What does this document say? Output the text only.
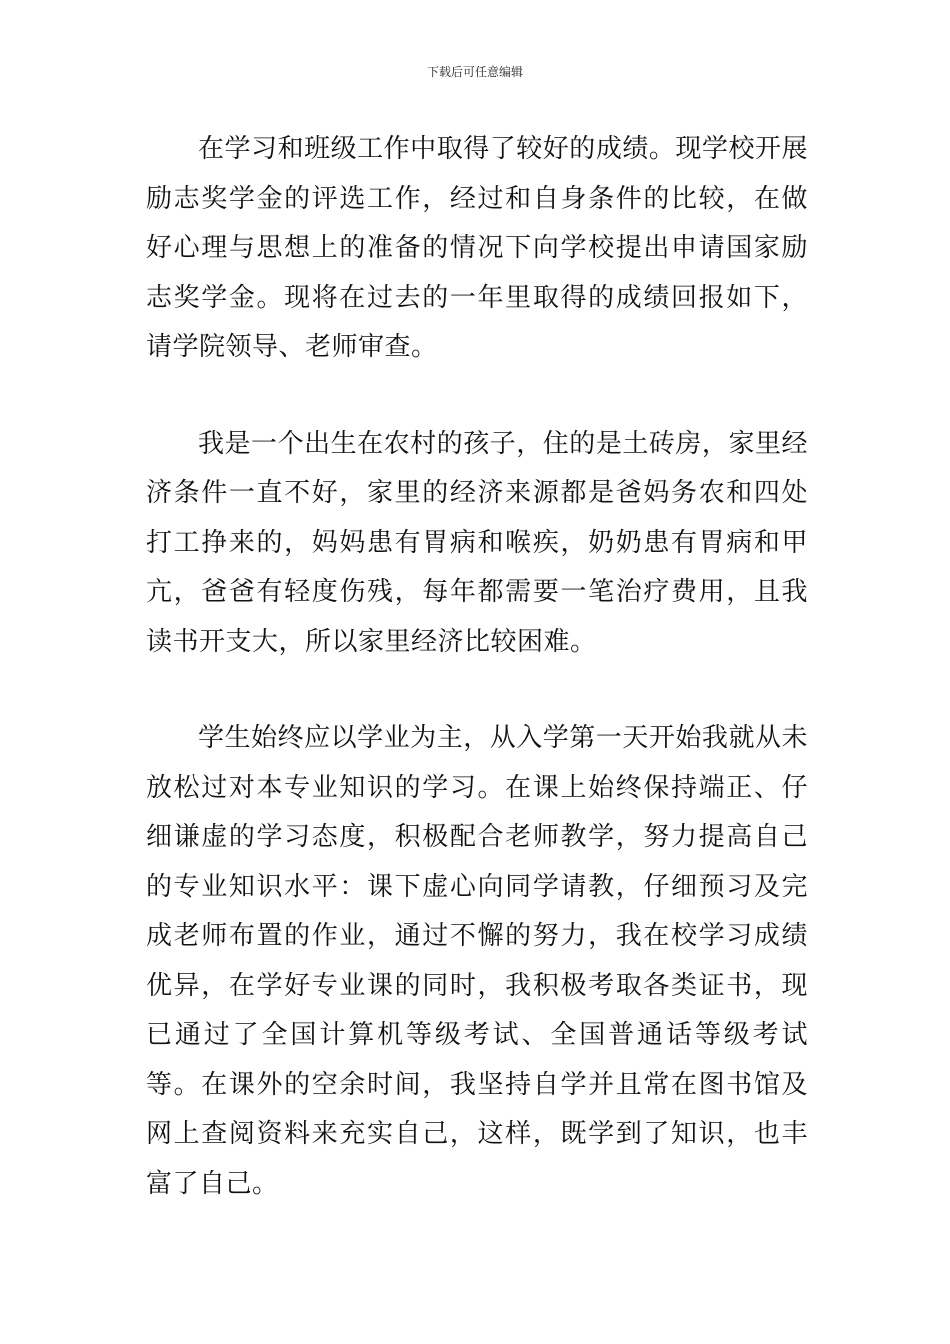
下载后可任意编辑

在学习和班级工作中取得了较好的成绩。现学校开展励志奖学金的评选工作，经过和自身条件的比较，在做好心理与思想上的准备的情况下向学校提出申请国家励志奖学金。现将在过去的一年里取得的成绩回报如下，请学院领导、老师审查。

我是一个出生在农村的孩子，住的是土砖房，家里经济条件一直不好，家里的经济来源都是爸妈务农和四处打工挣来的，妈妈患有胃病和喉疾，奶奶患有胃病和甲亢，爸爸有轻度伤残，每年都需要一笔治疗费用，且我读书开支大，所以家里经济比较困难。

学生始终应以学业为主，从入学第一天开始我就从未放松过对本专业知识的学习。在课上始终保持端正、仔细谦虚的学习态度，积极配合老师教学，努力提高自己的专业知识水平：课下虚心向同学请教，仔细预习及完成老师布置的作业，通过不懈的努力，我在校学习成绩优异，在学好专业课的同时，我积极考取各类证书，现已通过了全国计算机等级考试、全国普通话等级考试等。在课外的空余时间，我坚持自学并且常在图书馆及网上查阅资料来充实自己，这样，既学到了知识，也丰富了自己。
